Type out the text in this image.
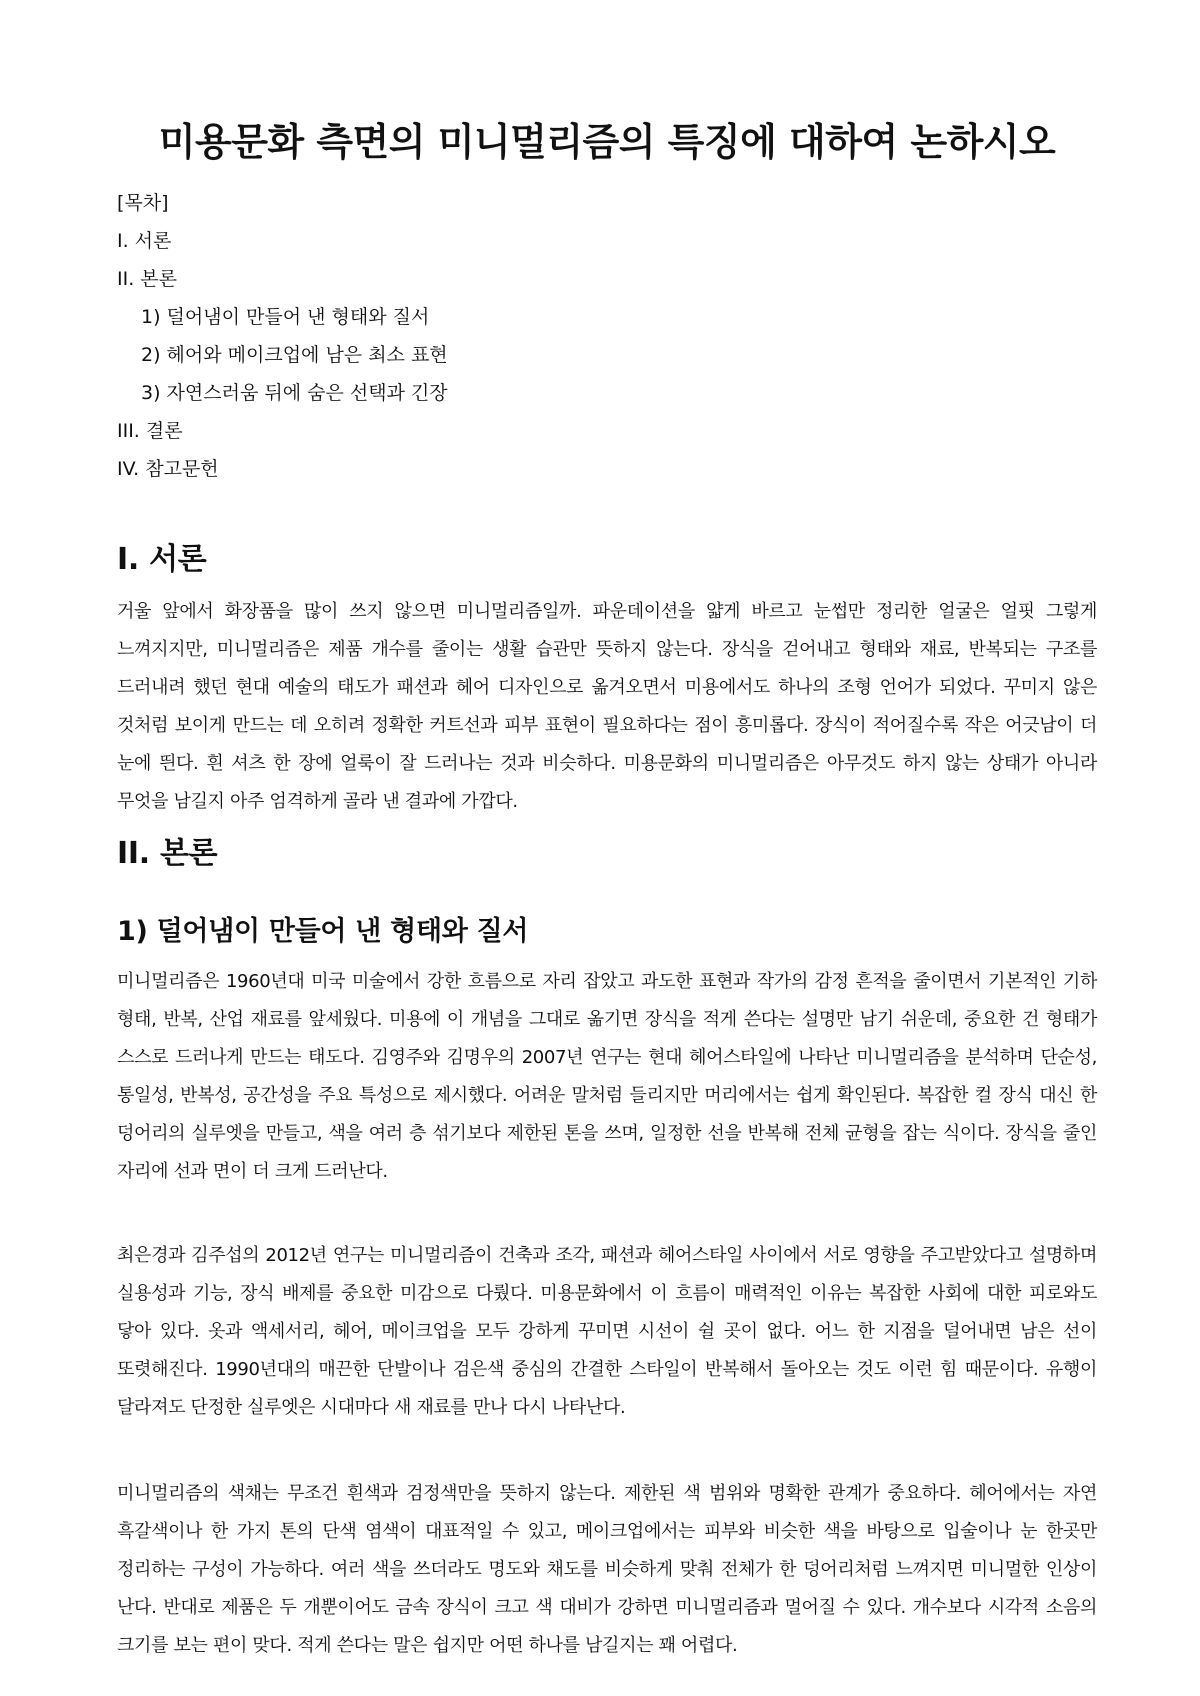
미용문화 측면의 미니멀리즘의 특징에 대하여 논하시오
[목차]
I. 서론
II. 본론
1) 덜어냄이 만들어 낸 형태와 질서
2) 헤어와 메이크업에 남은 최소 표현
3) 자연스러움 뒤에 숨은 선택과 긴장
III. 결론
IV. 참고문헌
I. 서론

거울 앞에서 화장품을 많이 쓰지 않으면 미니멀리즘일까. 파운데이션을 얇게 바르고 눈썹만 정리한 얼굴은 얼핏 그렇게 느껴지지만, 미니멀리즘은 제품 개수를 줄이는 생활 습관만 뜻하지 않는다. 장식을 걷어내고 형태와 재료, 반복되는 구조를 드러내려 했던 현대 예술의 태도가 패션과 헤어 디자인으로 옮겨오면서 미용에서도 하나의 조형 언어가 되었다. 꾸미지 않은 것처럼 보이게 만드는 데 오히려 정확한 커트선과 피부 표현이 필요하다는 점이 흥미롭다. 장식이 적어질수록 작은 어긋남이 더 눈에 띈다. 흰 셔츠 한 장에 얼룩이 잘 드러나는 것과 비슷하다. 미용문화의 미니멀리즘은 아무것도 하지 않는 상태가 아니라 무엇을 남길지 아주 엄격하게 골라 낸 결과에 가깝다.

II. 본론
1) 덜어냄이 만들어 낸 형태와 질서

미니멀리즘은 1960년대 미국 미술에서 강한 흐름으로 자리 잡았고 과도한 표현과 작가의 감정 흔적을 줄이면서 기본적인 기하 형태, 반복, 산업 재료를 앞세웠다. 미용에 이 개념을 그대로 옮기면 장식을 적게 쓴다는 설명만 남기 쉬운데, 중요한 건 형태가 스스로 드러나게 만드는 태도다. 김영주와 김명우의 2007년 연구는 현대 헤어스타일에 나타난 미니멀리즘을 분석하며 단순성, 통일성, 반복성, 공간성을 주요 특성으로 제시했다. 어려운 말처럼 들리지만 머리에서는 쉽게 확인된다. 복잡한 컬 장식 대신 한 덩어리의 실루엣을 만들고, 색을 여러 층 섞기보다 제한된 톤을 쓰며, 일정한 선을 반복해 전체 균형을 잡는 식이다. 장식을 줄인 자리에 선과 면이 더 크게 드러난다.

최은경과 김주섭의 2012년 연구는 미니멀리즘이 건축과 조각, 패션과 헤어스타일 사이에서 서로 영향을 주고받았다고 설명하며 실용성과 기능, 장식 배제를 중요한 미감으로 다뤘다. 미용문화에서 이 흐름이 매력적인 이유는 복잡한 사회에 대한 피로와도 닿아 있다. 옷과 액세서리, 헤어, 메이크업을 모두 강하게 꾸미면 시선이 쉴 곳이 없다. 어느 한 지점을 덜어내면 남은 선이 또렷해진다. 1990년대의 매끈한 단발이나 검은색 중심의 간결한 스타일이 반복해서 돌아오는 것도 이런 힘 때문이다. 유행이 달라져도 단정한 실루엣은 시대마다 새 재료를 만나 다시 나타난다.

미니멀리즘의 색채는 무조건 흰색과 검정색만을 뜻하지 않는다. 제한된 색 범위와 명확한 관계가 중요하다. 헤어에서는 자연 흑갈색이나 한 가지 톤의 단색 염색이 대표적일 수 있고, 메이크업에서는 피부와 비슷한 색을 바탕으로 입술이나 눈 한곳만 정리하는 구성이 가능하다. 여러 색을 쓰더라도 명도와 채도를 비슷하게 맞춰 전체가 한 덩어리처럼 느껴지면 미니멀한 인상이 난다. 반대로 제품은 두 개뿐이어도 금속 장식이 크고 색 대비가 강하면 미니멀리즘과 멀어질 수 있다. 개수보다 시각적 소음의 크기를 보는 편이 맞다. 적게 쓴다는 말은 쉽지만 어떤 하나를 남길지는 꽤 어렵다.
